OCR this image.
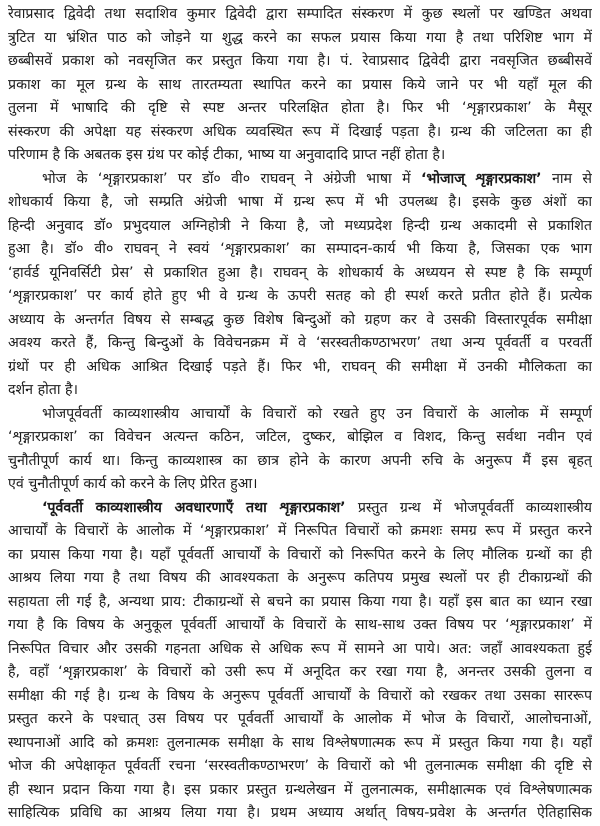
रेवाप्रसाद द्विवेदी तथा सदाशिव कुमार द्विवेदी द्वारा सम्पादित संस्करण में कुछ स्थलों पर खण्डित अथवा
त्रुटित या भ्रंशित पाठ को जोड़ने या शुद्ध करने का सफल प्रयास किया गया है तथा परिशिष्ट भाग में
छब्बीसवें प्रकाश को नवसृजित कर प्रस्तुत किया गया है। पं. रेवाप्रसाद द्विवेदी द्वारा नवसृजित छब्बीसवें
प्रकाश का मूल ग्रन्थ के साथ तारतम्यता स्थापित करने का प्रयास किये जाने पर भी यहाँ मूल की
तुलना में भाषादि की दृष्टि से स्पष्ट अन्तर परिलक्षित होता है। फिर भी ‘शृङ्गारप्रकाश’ के मैसूर
संस्करण की अपेक्षा यह संस्करण अधिक व्यवस्थित रूप में दिखाई पड़ता है। ग्रन्थ की जटिलता का ही
परिणाम है कि अबतक इस ग्रंथ पर कोई टीका, भाष्य या अनुवादादि प्राप्त नहीं होता है।
भोज के ‘शृङ्गारप्रकाश’ पर डॉ० वी० राघवन् ने अंग्रेजी भाषा में ‘भोजाज् शृङ्गारप्रकाश’ नाम से
शोधकार्य किया है, जो सम्प्रति अंग्रेजी भाषा में ग्रन्थ रूप में भी उपलब्ध है। इसके कुछ अंशों का
हिन्दी अनुवाद डॉ० प्रभुदयाल अग्निहोत्री ने किया है, जो मध्यप्रदेश हिन्दी ग्रन्थ अकादमी से प्रकाशित
हुआ है। डॉ० वी० राघवन् ने स्वयं ‘शृङ्गारप्रकाश’ का सम्पादन-कार्य भी किया है, जिसका एक भाग
‘हार्वर्ड यूनिवर्सिटी प्रेस’ से प्रकाशित हुआ है। राघवन् के शोधकार्य के अध्ययन से स्पष्ट है कि सम्पूर्ण
‘शृङ्गारप्रकाश’ पर कार्य होते हुए भी वे ग्रन्थ के ऊपरी सतह को ही स्पर्श करते प्रतीत होते हैं। प्रत्येक
अध्याय के अन्तर्गत विषय से सम्बद्ध कुछ विशेष बिन्दुओं को ग्रहण कर वे उसकी विस्तारपूर्वक समीक्षा
अवश्य करते हैं, किन्तु बिन्दुओं के विवेचनक्रम में वे ‘सरस्वतीकण्ठाभरण’ तथा अन्य पूर्ववर्ती व परवर्ती
ग्रंथों पर ही अधिक आश्रित दिखाई पड़ते हैं। फिर भी, राघवन् की समीक्षा में उनकी मौलिकता का
दर्शन होता है।
भोजपूर्ववर्ती काव्यशास्त्रीय आचार्यों के विचारों को रखते हुए उन विचारों के आलोक में सम्पूर्ण
‘शृङ्गारप्रकाश’ का विवेचन अत्यन्त कठिन, जटिल, दुष्कर, बोझिल व विशद, किन्तु सर्वथा नवीन एवं
चुनौतीपूर्ण कार्य था। किन्तु काव्यशास्त्र का छात्र होने के कारण अपनी रुचि के अनुरूप मैं इस बृहत्
एवं चुनौतीपूर्ण कार्य को करने के लिए प्रेरित हुआ।
‘पूर्ववर्ती काव्यशास्त्रीय अवधारणाएँ तथा शृङ्गारप्रकाश’ प्रस्तुत ग्रन्थ में भोजपूर्ववर्ती काव्यशास्त्रीय
आचार्यों के विचारों के आलोक में ‘शृङ्गारप्रकाश’ में निरूपित विचारों को क्रमशः समग्र रूप में प्रस्तुत करने
का प्रयास किया गया है। यहाँ पूर्ववर्ती आचार्यों के विचारों को निरूपित करने के लिए मौलिक ग्रन्थों का ही
आश्रय लिया गया है तथा विषय की आवश्यकता के अनुरूप कतिपय प्रमुख स्थलों पर ही टीकाग्रन्थों की
सहायता ली गई है, अन्यथा प्राय: टीकाग्रन्थों से बचने का प्रयास किया गया है। यहाँ इस बात का ध्यान रखा
गया है कि विषय के अनुकूल पूर्ववर्ती आचार्यों के विचारों के साथ-साथ उक्त विषय पर ‘शृङ्गारप्रकाश’ में
निरूपित विचार और उसकी गहनता अधिक से अधिक रूप में सामने आ पाये। अत: जहाँ आवश्यकता हुई
है, वहाँ ‘शृङ्गारप्रकाश’ के विचारों को उसी रूप में अनूदित कर रखा गया है, अनन्तर उसकी तुलना व
समीक्षा की गई है। ग्रन्थ के विषय के अनुरूप पूर्ववर्ती आचार्यों के विचारों को रखकर तथा उसका साररूप
प्रस्तुत करने के पश्चात् उस विषय पर पूर्ववर्ती आचार्यों के आलोक में भोज के विचारों, आलोचनाओं,
स्थापनाओं आदि को क्रमशः तुलनात्मक समीक्षा के साथ विश्लेषणात्मक रूप में प्रस्तुत किया गया है। यहाँ
भोज की अपेक्षाकृत पूर्ववर्ती रचना ‘सरस्वतीकण्ठाभरण’ के विचारों को भी तुलनात्मक समीक्षा की दृष्टि से
ही स्थान प्रदान किया गया है। इस प्रकार प्रस्तुत ग्रन्थलेखन में तुलनात्मक, समीक्षात्मक एवं विश्लेषणात्मक
साहित्यिक प्रविधि का आश्रय लिया गया है। प्रथम अध्याय अर्थात् विषय-प्रवेश के अन्तर्गत ऐतिहासिक
